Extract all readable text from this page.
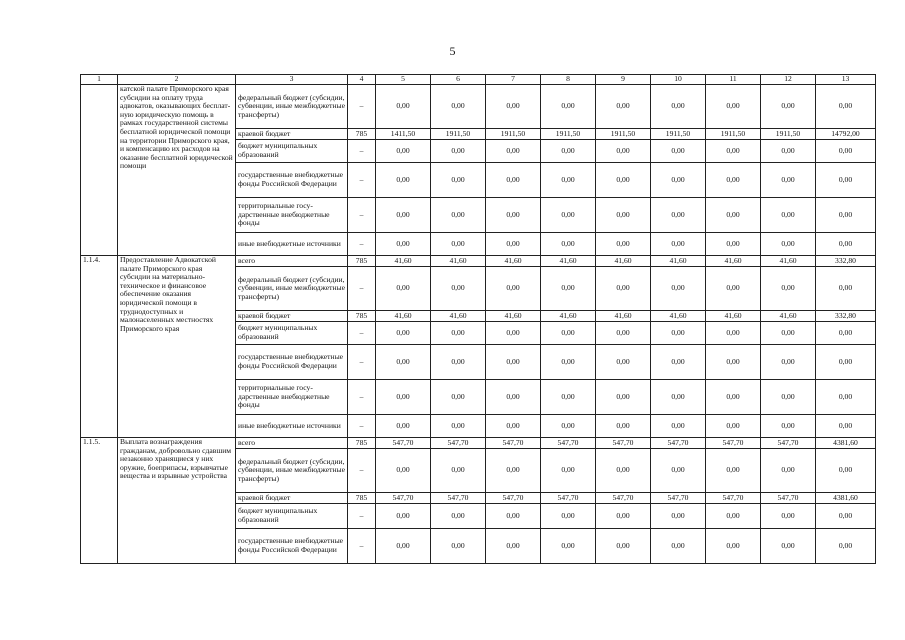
5
1	2	3	4	5	6	7	8	9	10	11	12	13
	катской палате Приморского края субсидии на оплату труда адвокатов, оказывающих бесплатную юридическую помощь в рамках государственной системы бесплатной юридической помощи на территории Приморского края, и компенсацию их расходов на оказание бесплатной юридической помощи	федеральный бюджет (субсидии, субвенции, иные межбюджетные трансферты)	–	0,00	0,00	0,00	0,00	0,00	0,00	0,00	0,00	0,00
		краевой бюджет	785	1411,50	1911,50	1911,50	1911,50	1911,50	1911,50	1911,50	1911,50	14792,00
		бюджет муниципальных образований	–	0,00	0,00	0,00	0,00	0,00	0,00	0,00	0,00	0,00
		государственные внебюджетные фонды Российской Федерации	–	0,00	0,00	0,00	0,00	0,00	0,00	0,00	0,00	0,00
		территориальные государственные внебюджетные фонды	–	0,00	0,00	0,00	0,00	0,00	0,00	0,00	0,00	0,00
		иные внебюджетные источники	–	0,00	0,00	0,00	0,00	0,00	0,00	0,00	0,00	0,00
1.1.4.	Предоставление Адвокатской палате Приморского края субсидии на материально-техническое и финансовое обеспечение оказания юридической помощи в труднодоступных и малонаселенных местностях Приморского края	всего	785	41,60	41,60	41,60	41,60	41,60	41,60	41,60	41,60	332,80
		федеральный бюджет (субсидии, субвенции, иные межбюджетные трансферты)	–	0,00	0,00	0,00	0,00	0,00	0,00	0,00	0,00	0,00
		краевой бюджет	785	41,60	41,60	41,60	41,60	41,60	41,60	41,60	41,60	332,80
		бюджет муниципальных образований	–	0,00	0,00	0,00	0,00	0,00	0,00	0,00	0,00	0,00
		государственные внебюджетные фонды Российской Федерации	–	0,00	0,00	0,00	0,00	0,00	0,00	0,00	0,00	0,00
		территориальные государственные внебюджетные фонды	–	0,00	0,00	0,00	0,00	0,00	0,00	0,00	0,00	0,00
		иные внебюджетные источники	–	0,00	0,00	0,00	0,00	0,00	0,00	0,00	0,00	0,00
1.1.5.	Выплата вознаграждения гражданам, добровольно сдавшим незаконно хранящиеся у них оружие, боеприпасы, взрывчатые вещества и взрывные устройства	всего	785	547,70	547,70	547,70	547,70	547,70	547,70	547,70	547,70	4381,60
		федеральный бюджет (субсидии, субвенции, иные межбюджетные трансферты)	–	0,00	0,00	0,00	0,00	0,00	0,00	0,00	0,00	0,00
		краевой бюджет	785	547,70	547,70	547,70	547,70	547,70	547,70	547,70	547,70	4381,60
		бюджет муниципальных образований	–	0,00	0,00	0,00	0,00	0,00	0,00	0,00	0,00	0,00
		государственные внебюджетные фонды Российской Федерации	–	0,00	0,00	0,00	0,00	0,00	0,00	0,00	0,00	0,00
